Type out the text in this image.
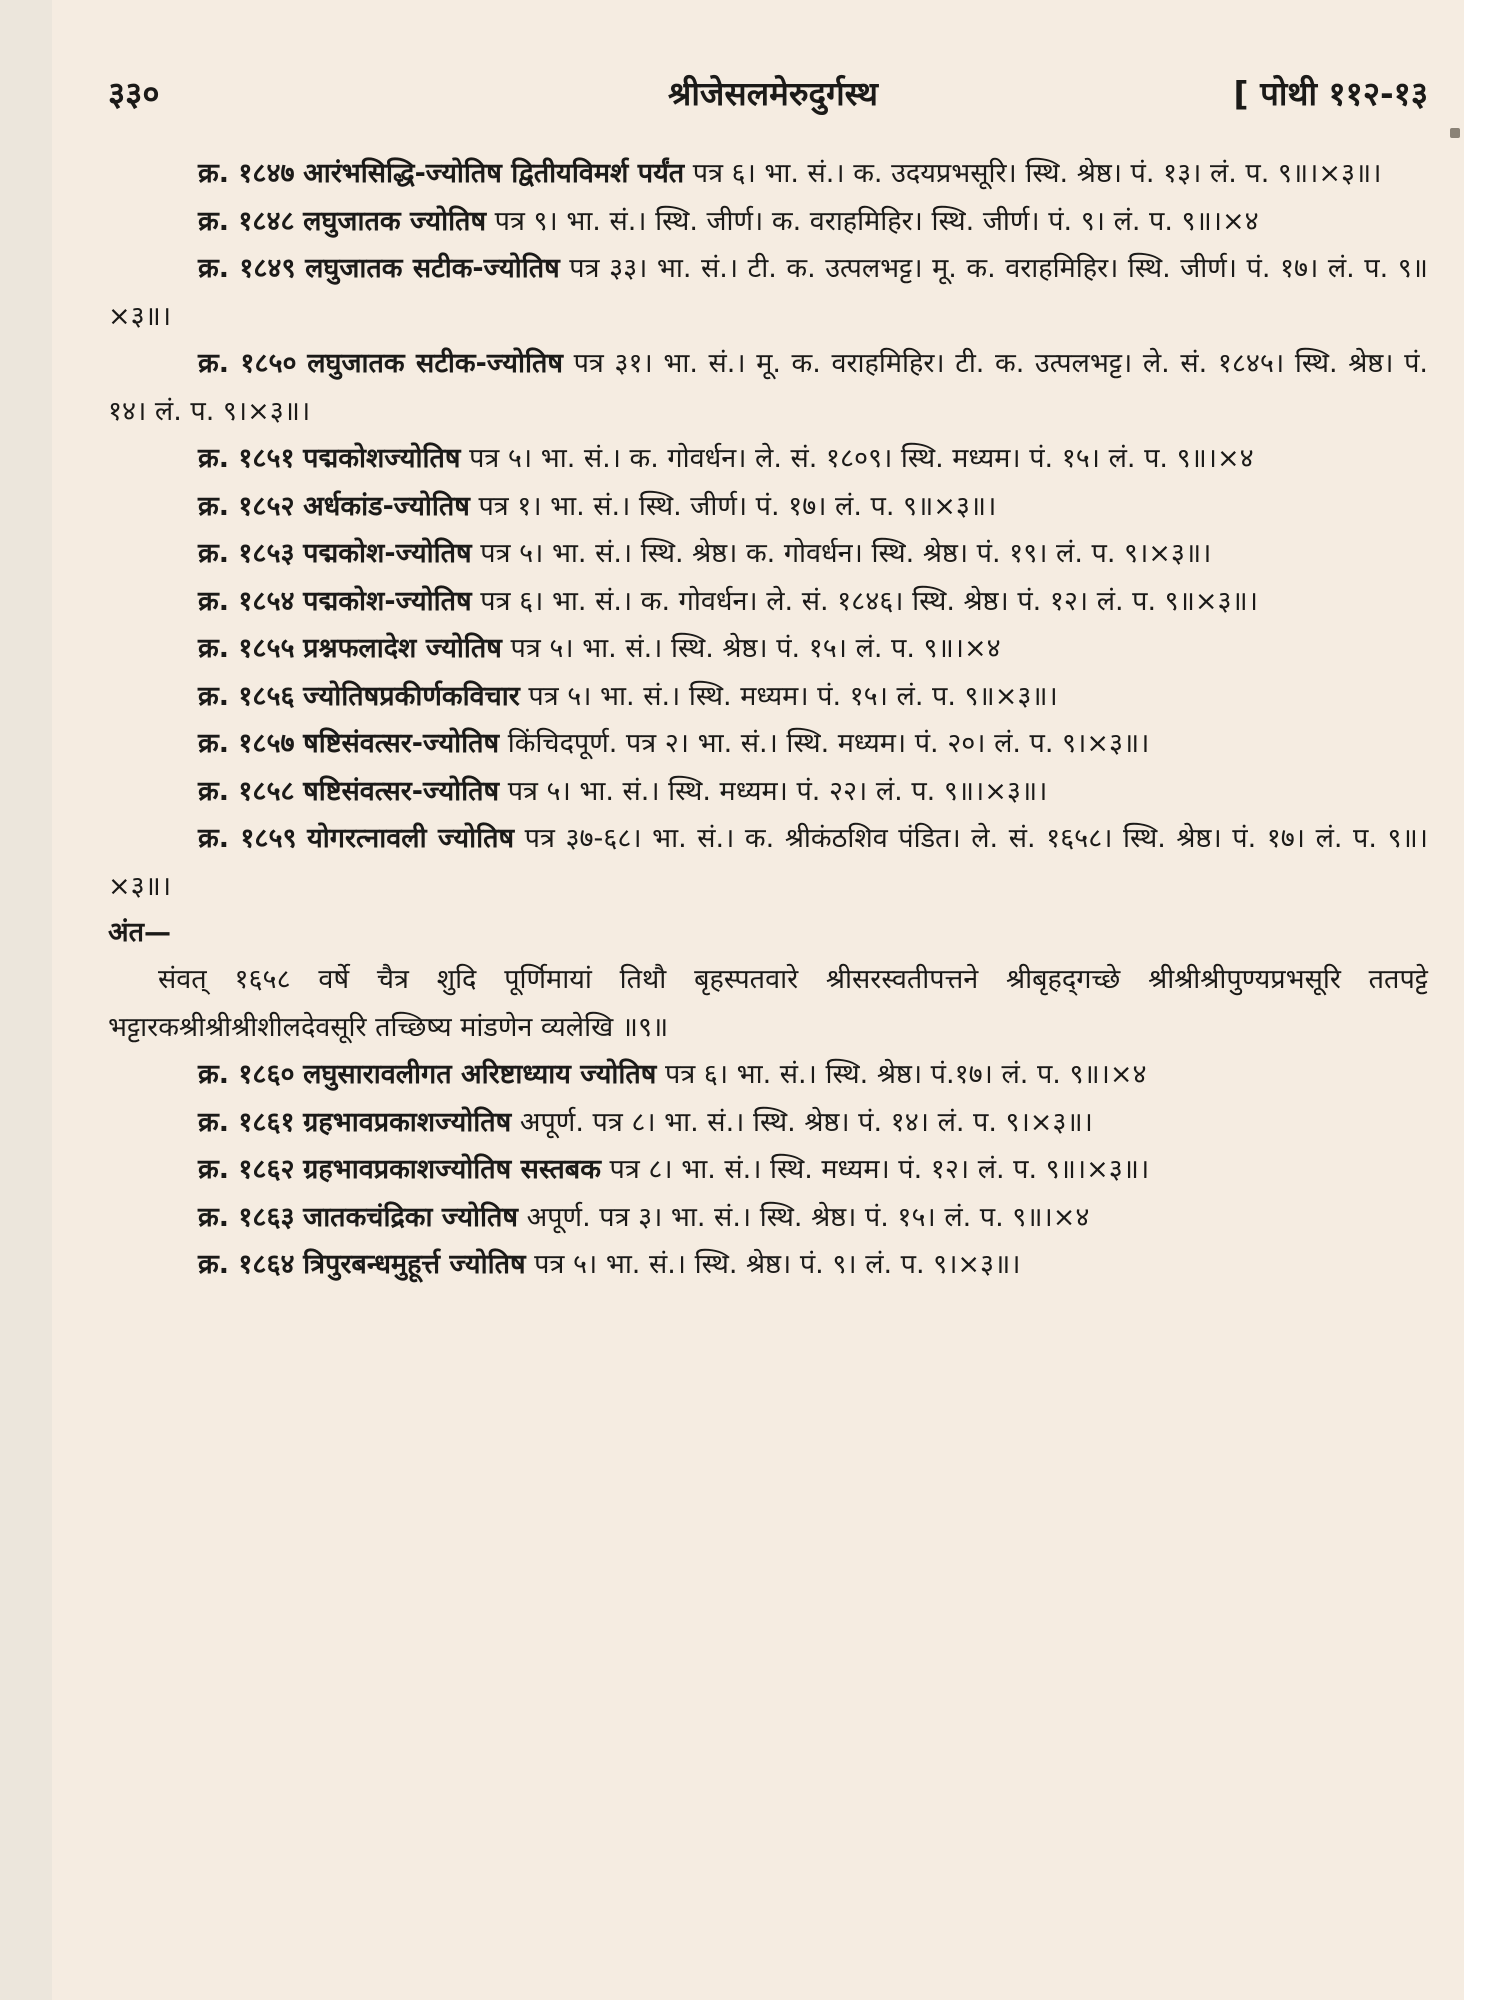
३३०	श्रीजेसलमेरुदुर्गस्थ	[ पोथी ११२-१३

क्र. १८४७ आरंभसिद्धि-ज्योतिष द्वितीयविमर्श पर्यंत पत्र ६। भा. सं.। क. उदयप्रभसूरि। स्थि. श्रेष्ठ। पं. १३। लं. प. ९॥।×३॥।

क्र. १८४८ लघुजातक ज्योतिष पत्र ९। भा. सं.। स्थि. जीर्ण। क. वराहमिहिर। स्थि. जीर्ण। पं. ९। लं. प. ९॥।×४

क्र. १८४९ लघुजातक सटीक-ज्योतिष पत्र ३३। भा. सं.। टी. क. उत्पलभट्ट। मू. क. वराहमिहिर। स्थि. जीर्ण। पं. १७। लं. प. ९॥×३॥।

क्र. १८५० लघुजातक सटीक-ज्योतिष पत्र ३१। भा. सं.। मू. क. वराहमिहिर। टी. क. उत्पलभट्ट। ले. सं. १८४५। स्थि. श्रेष्ठ। पं. १४। लं. प. ९।×३॥।

क्र. १८५१ पद्मकोशज्योतिष पत्र ५। भा. सं.। क. गोवर्धन। ले. सं. १८०९। स्थि. मध्यम। पं. १५। लं. प. ९॥।×४

क्र. १८५२ अर्धकांड-ज्योतिष पत्र १। भा. सं.। स्थि. जीर्ण। पं. १७। लं. प. ९॥×३॥।

क्र. १८५३ पद्मकोश-ज्योतिष पत्र ५। भा. सं.। स्थि. श्रेष्ठ। क. गोवर्धन। स्थि. श्रेष्ठ। पं. १९। लं. प. ९।×३॥।

क्र. १८५४ पद्मकोश-ज्योतिष पत्र ६। भा. सं.। क. गोवर्धन। ले. सं. १८४६। स्थि. श्रेष्ठ। पं. १२। लं. प. ९॥×३॥।

क्र. १८५५ प्रश्नफलादेश ज्योतिष पत्र ५। भा. सं.। स्थि. श्रेष्ठ। पं. १५। लं. प. ९॥।×४

क्र. १८५६ ज्योतिषप्रकीर्णकविचार पत्र ५। भा. सं.। स्थि. मध्यम। पं. १५। लं. प. ९॥×३॥।

क्र. १८५७ षष्टिसंवत्सर-ज्योतिष किंचिदपूर्ण. पत्र २। भा. सं.। स्थि. मध्यम। पं. २०। लं. प. ९।×३॥।

क्र. १८५८ षष्टिसंवत्सर-ज्योतिष पत्र ५। भा. सं.। स्थि. मध्यम। पं. २२। लं. प. ९॥।×३॥।

क्र. १८५९ योगरत्नावली ज्योतिष पत्र ३७-६८। भा. सं.। क. श्रीकंठशिव पंडित। ले. सं. १६५८। स्थि. श्रेष्ठ। पं. १७। लं. प. ९॥।×३॥।

अंत—

संवत् १६५८ वर्षे चैत्र शुदि पूर्णिमायां तिथौ बृहस्पतवारे श्रीसरस्वतीपत्तने श्रीबृहद्‌गच्छे श्रीश्रीश्रीपुण्यप्रभसूरि ततपट्टे भट्टारकश्रीश्रीश्रीशीलदेवसूरि तच्छिष्य मांडणेन व्यलेखि ॥९॥

क्र. १८६० लघुसारावलीगत अरिष्टाध्याय ज्योतिष पत्र ६। भा. सं.। स्थि. श्रेष्ठ। पं.१७। लं. प. ९॥।×४

क्र. १८६१ ग्रहभावप्रकाशज्योतिष अपूर्ण. पत्र ८। भा. सं.। स्थि. श्रेष्ठ। पं. १४। लं. प. ९।×३॥।

क्र. १८६२ ग्रहभावप्रकाशज्योतिष सस्तबक पत्र ८। भा. सं.। स्थि. मध्यम। पं. १२। लं. प. ९॥।×३॥।

क्र. १८६३ जातकचंद्रिका ज्योतिष अपूर्ण. पत्र ३। भा. सं.। स्थि. श्रेष्ठ। पं. १५। लं. प. ९॥।×४

क्र. १८६४ त्रिपुरबन्धमुहूर्त्त ज्योतिष पत्र ५। भा. सं.। स्थि. श्रेष्ठ। पं. ९। लं. प. ९।×३॥।
